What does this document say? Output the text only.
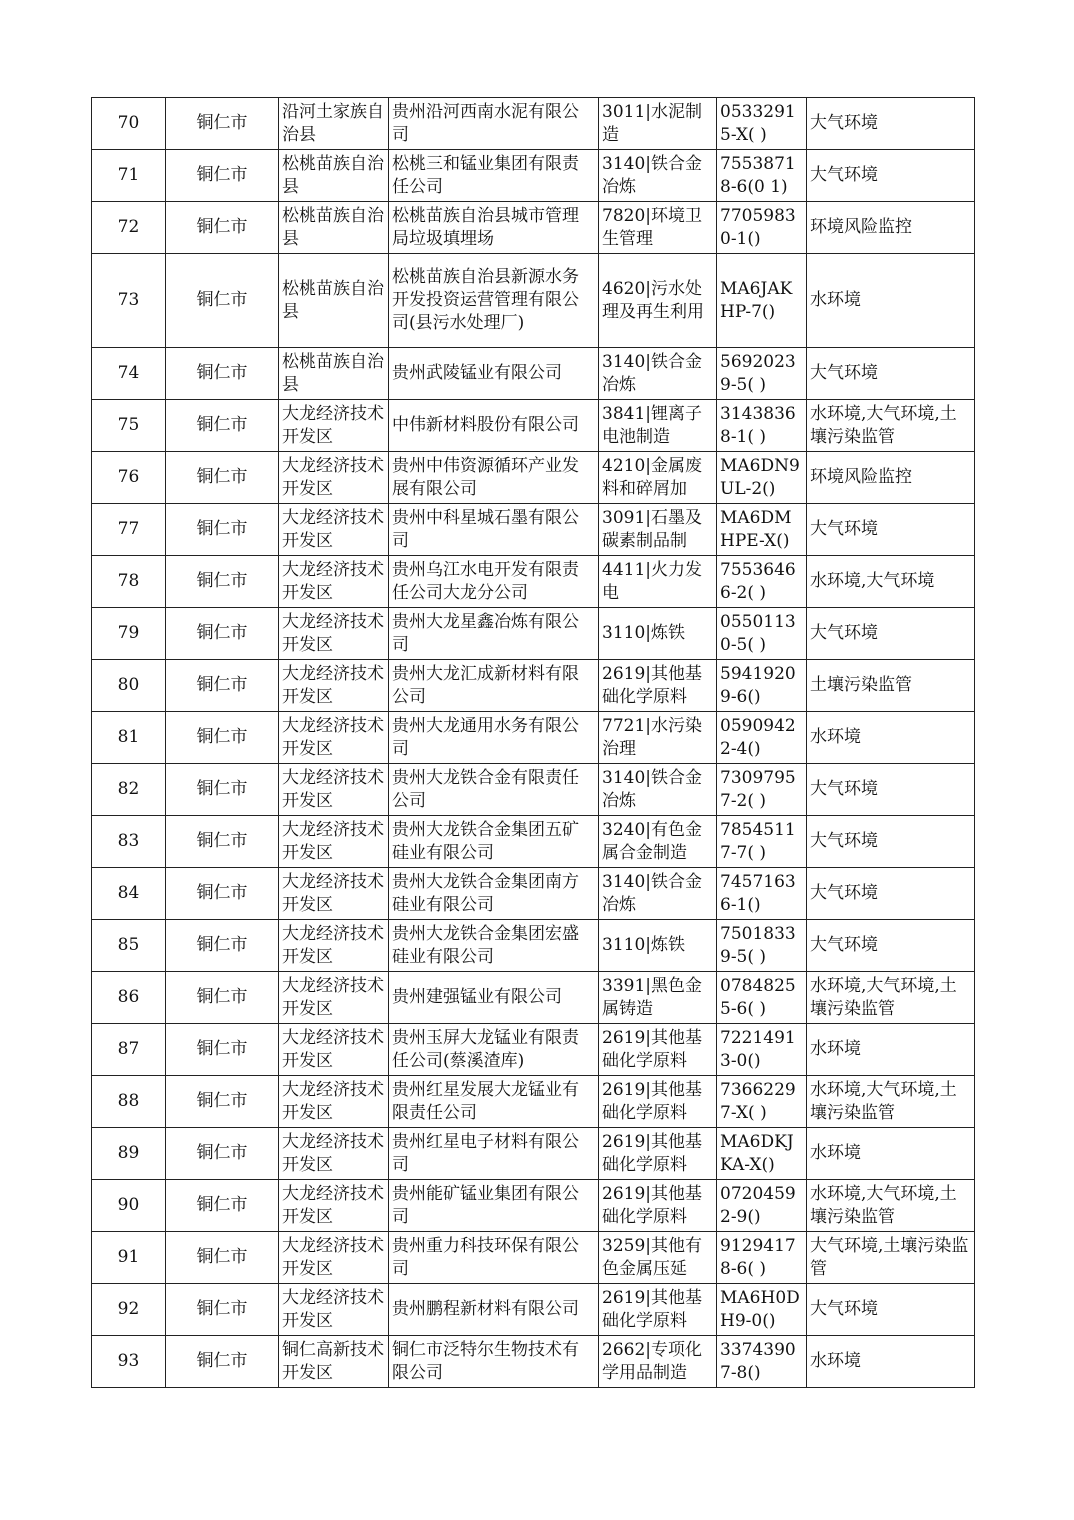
70	铜仁市	沿河土家族自治县	贵州沿河西南水泥有限公司	3011|水泥制造	05332915-X( )	大气环境
71	铜仁市	松桃苗族自治县	松桃三和锰业集团有限责任公司	3140|铁合金冶炼	75538718-6(0 1)	大气环境
72	铜仁市	松桃苗族自治县	松桃苗族自治县城市管理局垃圾填埋场	7820|环境卫生管理	77059830-1()	环境风险监控
73	铜仁市	松桃苗族自治县	松桃苗族自治县新源水务开发投资运营管理有限公司(县污水处理厂)	4620|污水处理及再生利用	MA6JAKHP-7()	水环境
74	铜仁市	松桃苗族自治县	贵州武陵锰业有限公司	3140|铁合金冶炼	56920239-5( )	大气环境
75	铜仁市	大龙经济技术开发区	中伟新材料股份有限公司	3841|锂离子电池制造	31438368-1( )	水环境,大气环境,土壤污染监管
76	铜仁市	大龙经济技术开发区	贵州中伟资源循环产业发展有限公司	4210|金属废料和碎屑加	MA6DN9UL-2()	环境风险监控
77	铜仁市	大龙经济技术开发区	贵州中科星城石墨有限公司	3091|石墨及碳素制品制	MA6DMHPE-X()	大气环境
78	铜仁市	大龙经济技术开发区	贵州乌江水电开发有限责任公司大龙分公司	4411|火力发电	75536466-2( )	水环境,大气环境
79	铜仁市	大龙经济技术开发区	贵州大龙星鑫冶炼有限公司	3110|炼铁	05501130-5( )	大气环境
80	铜仁市	大龙经济技术开发区	贵州大龙汇成新材料有限公司	2619|其他基础化学原料	59419209-6()	土壤污染监管
81	铜仁市	大龙经济技术开发区	贵州大龙通用水务有限公司	7721|水污染治理	05909422-4()	水环境
82	铜仁市	大龙经济技术开发区	贵州大龙铁合金有限责任公司	3140|铁合金冶炼	73097957-2( )	大气环境
83	铜仁市	大龙经济技术开发区	贵州大龙铁合金集团五矿硅业有限公司	3240|有色金属合金制造	78545117-7( )	大气环境
84	铜仁市	大龙经济技术开发区	贵州大龙铁合金集团南方硅业有限公司	3140|铁合金冶炼	74571636-1()	大气环境
85	铜仁市	大龙经济技术开发区	贵州大龙铁合金集团宏盛硅业有限公司	3110|炼铁	75018339-5( )	大气环境
86	铜仁市	大龙经济技术开发区	贵州建强锰业有限公司	3391|黑色金属铸造	07848255-6( )	水环境,大气环境,土壤污染监管
87	铜仁市	大龙经济技术开发区	贵州玉屏大龙锰业有限责任公司(蔡溪渣库)	2619|其他基础化学原料	72214913-0()	水环境
88	铜仁市	大龙经济技术开发区	贵州红星发展大龙锰业有限责任公司	2619|其他基础化学原料	73662297-X( )	水环境,大气环境,土壤污染监管
89	铜仁市	大龙经济技术开发区	贵州红星电子材料有限公司	2619|其他基础化学原料	MA6DKJKA-X()	水环境
90	铜仁市	大龙经济技术开发区	贵州能矿锰业集团有限公司	2619|其他基础化学原料	07204592-9()	水环境,大气环境,土壤污染监管
91	铜仁市	大龙经济技术开发区	贵州重力科技环保有限公司	3259|其他有色金属压延	91294178-6( )	大气环境,土壤污染监管
92	铜仁市	大龙经济技术开发区	贵州鹏程新材料有限公司	2619|其他基础化学原料	MA6H0DH9-0()	大气环境
93	铜仁市	铜仁高新技术开发区	铜仁市泛特尔生物技术有限公司	2662|专项化学用品制造	33743907-8()	水环境
